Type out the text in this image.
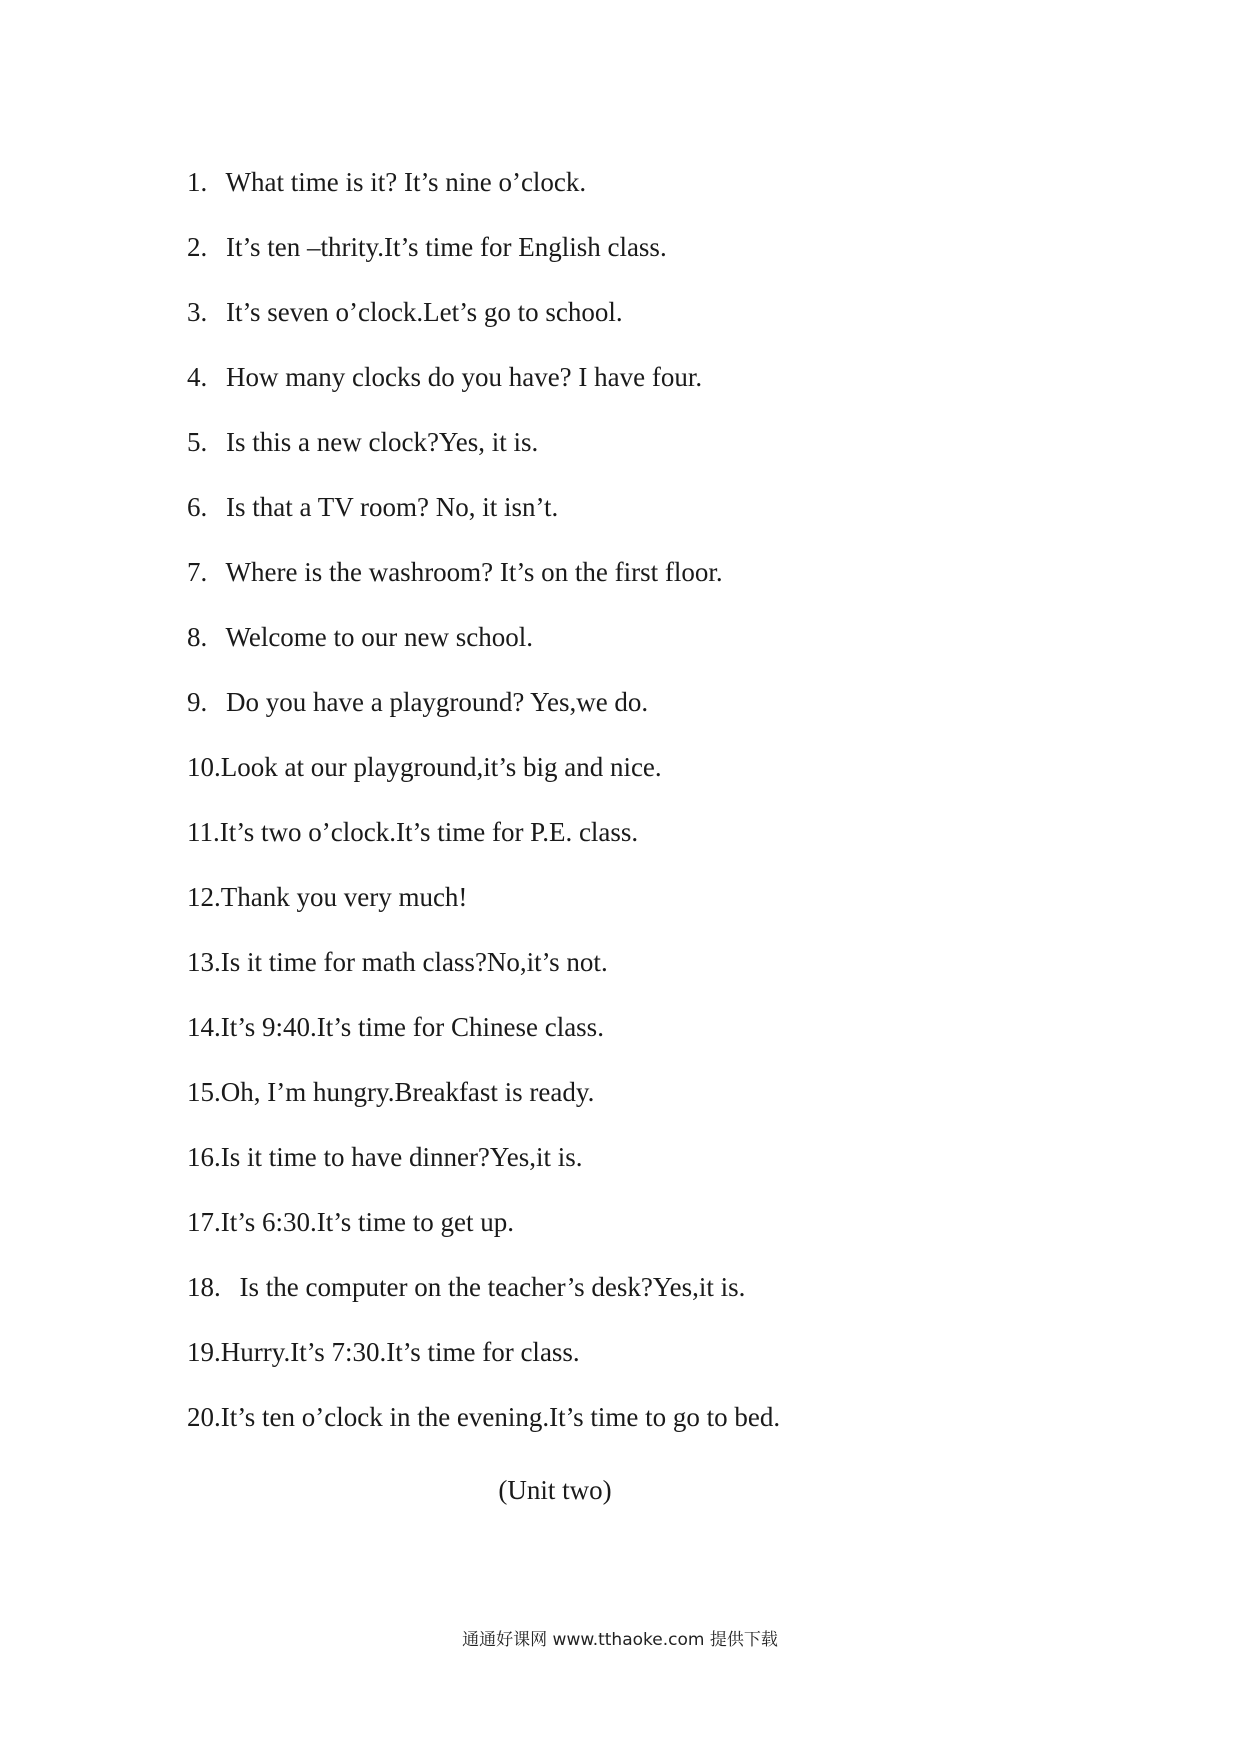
1. What time is it? It’s nine o’clock.
2. It’s ten –thrity.It’s time for English class.
3. It’s seven o’clock.Let’s go to school.
4. How many clocks do you have? I have four.
5. Is this a new clock?Yes, it is.
6. Is that a TV room? No, it isn’t.
7. Where is the washroom? It’s on the first floor.
8. Welcome to our new school.
9. Do you have a playground? Yes,we do.
10.Look at our playground,it’s big and nice.
11.It’s two o’clock.It’s time for P.E. class.
12.Thank you very much!
13.Is it time for math class?No,it’s not.
14.It’s 9:40.It’s time for Chinese class.
15.Oh, I’m hungry.Breakfast is ready.
16.Is it time to have dinner?Yes,it is.
17.It’s 6:30.It’s time to get up.
18. Is the computer on the teacher’s desk?Yes,it is.
19.Hurry.It’s 7:30.It’s time for class.
20.It’s ten o’clock in the evening.It’s time to go to bed.
(Unit two)
通通好课网 www.tthaoke.com 提供下载
